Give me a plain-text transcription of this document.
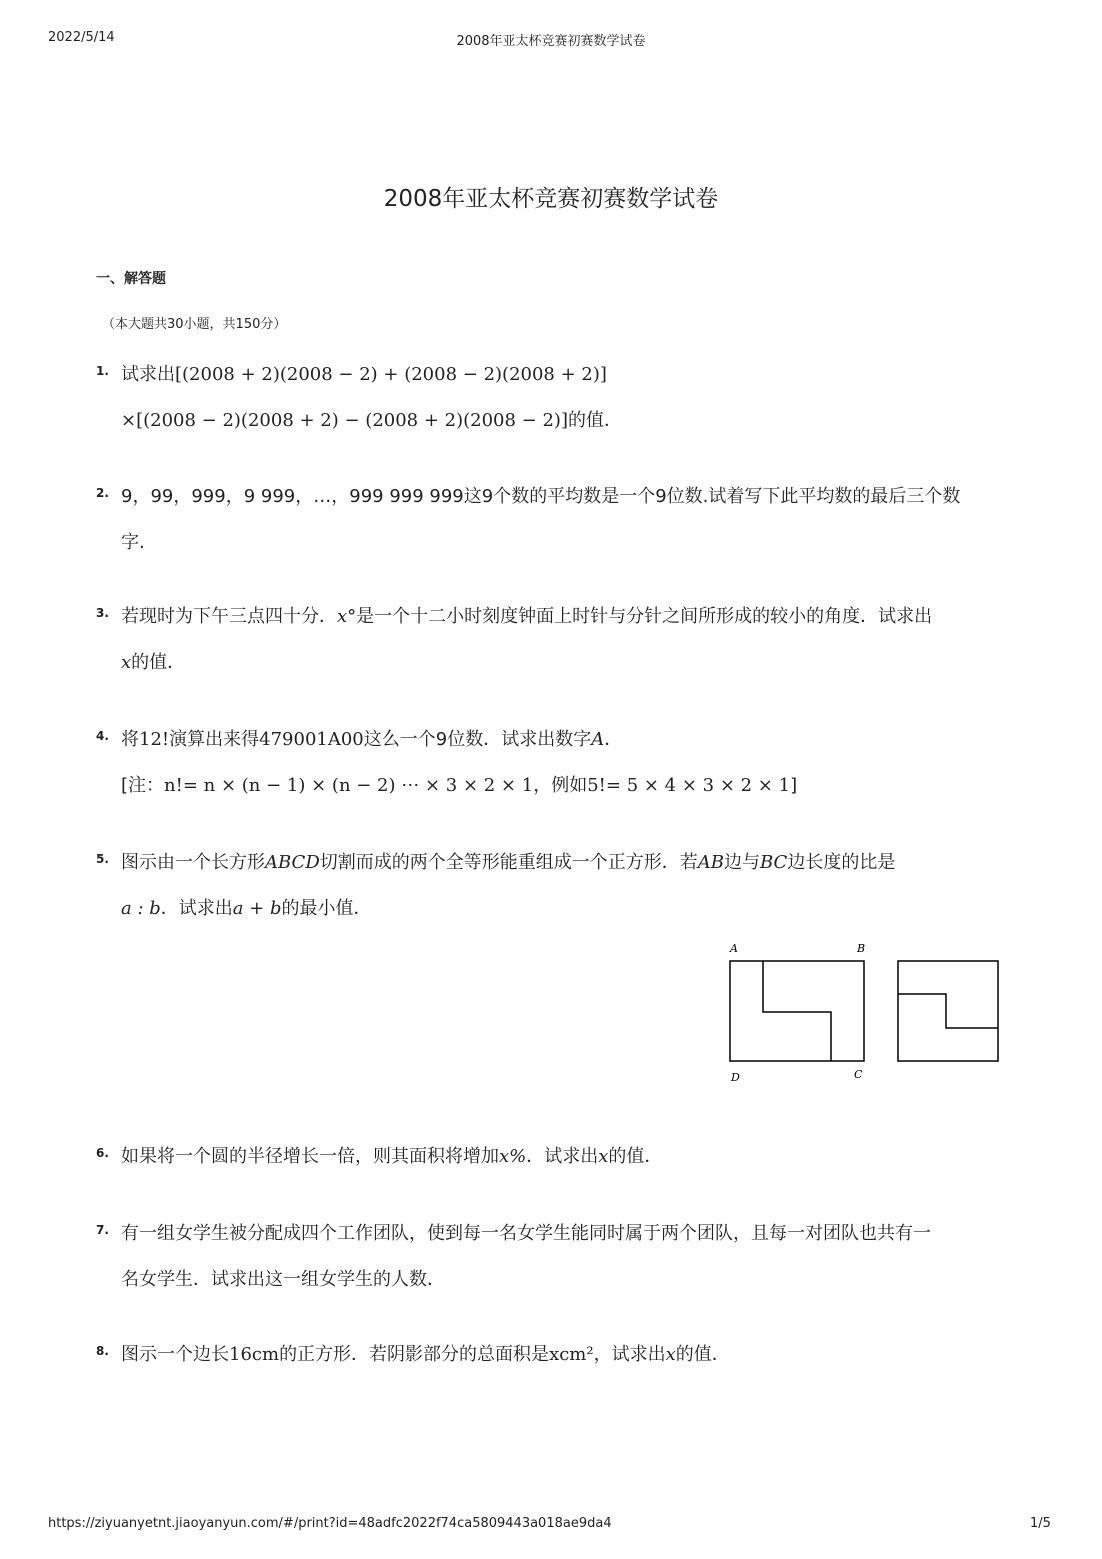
2022/5/14	2008年亚太杯竞赛初赛数学试卷
2008年亚太杯竞赛初赛数学试卷
一、解答题
（本大题共30小题，共150分）
1. 试求出[(2008 + 2)(2008 − 2) + (2008 − 2)(2008 + 2)]
×[(2008 − 2)(2008 + 2) − (2008 + 2)(2008 − 2)]的值．
2. 9，99，999，9 999，…，999 999 999这9个数的平均数是一个9位数.试着写下此平均数的最后三个数
字.
3. 若现时为下午三点四十分．x°是一个十二小时刻度钟面上时针与分针之间所形成的较小的角度．试求出
x的值．
4. 将12!演算出来得479001A00这么一个9位数．试求出数字A．
[注：n!= n × (n − 1) × (n − 2) ⋯ × 3 × 2 × 1，例如5!= 5 × 4 × 3 × 2 × 1]
5. 图示由一个长方形ABCD切割而成的两个全等形能重组成一个正方形．若AB边与BC边长度的比是
a : b．试求出a + b的最小值．
A	B
D	C
6. 如果将一个圆的半径增长一倍，则其面积将增加x%．试求出x的值．
7. 有一组女学生被分配成四个工作团队，使到每一名女学生能同时属于两个团队，且每一对团队也共有一
名女学生．试求出这一组女学生的人数．
8. 图示一个边长16cm的正方形．若阴影部分的总面积是xcm²，试求出x的值．
https://ziyuanyetnt.jiaoyanyun.com/#/print?id=48adfc2022f74ca5809443a018ae9da4	1/5
